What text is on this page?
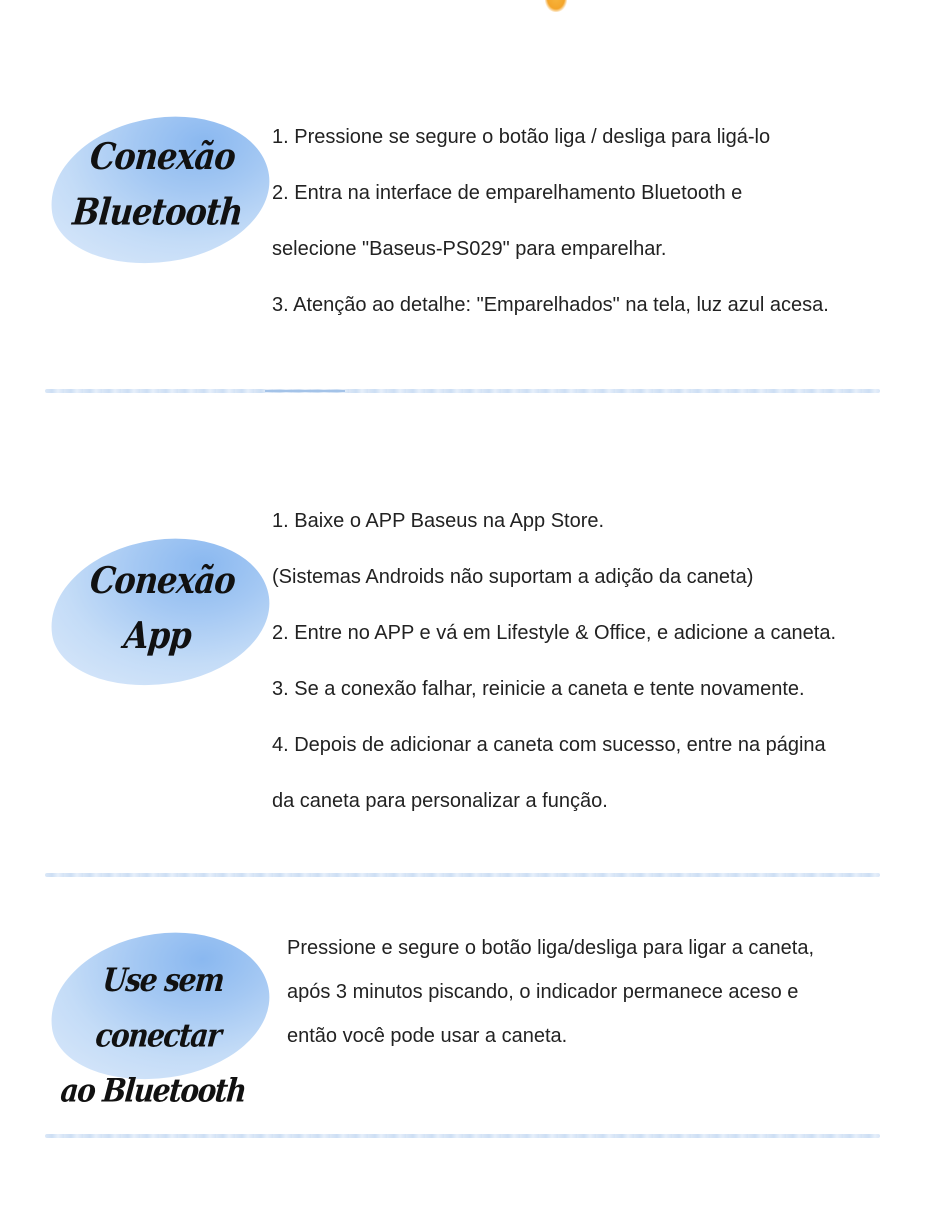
Conexão
Bluetooth
1. Pressione se segure o botão liga / desliga para ligá-lo
2. Entra na interface de emparelhamento Bluetooth e
selecione "Baseus-PS029" para emparelhar.
3. Atenção ao detalhe: "Emparelhados" na tela, luz azul acesa.
Conexão
App
1. Baixe o APP Baseus na App Store.
(Sistemas Androids não suportam a adição da caneta)
2. Entre no APP e vá em Lifestyle & Office, e adicione a caneta.
3. Se a conexão falhar, reinicie a caneta e tente novamente.
4. Depois de adicionar a caneta com sucesso, entre na página
da caneta para personalizar a função.
Use sem conectar
ao Bluetooth

Pressione e segure o botão liga/desliga para ligar a caneta,
após 3 minutos piscando, o indicador permanece aceso e
então você pode usar a caneta.
